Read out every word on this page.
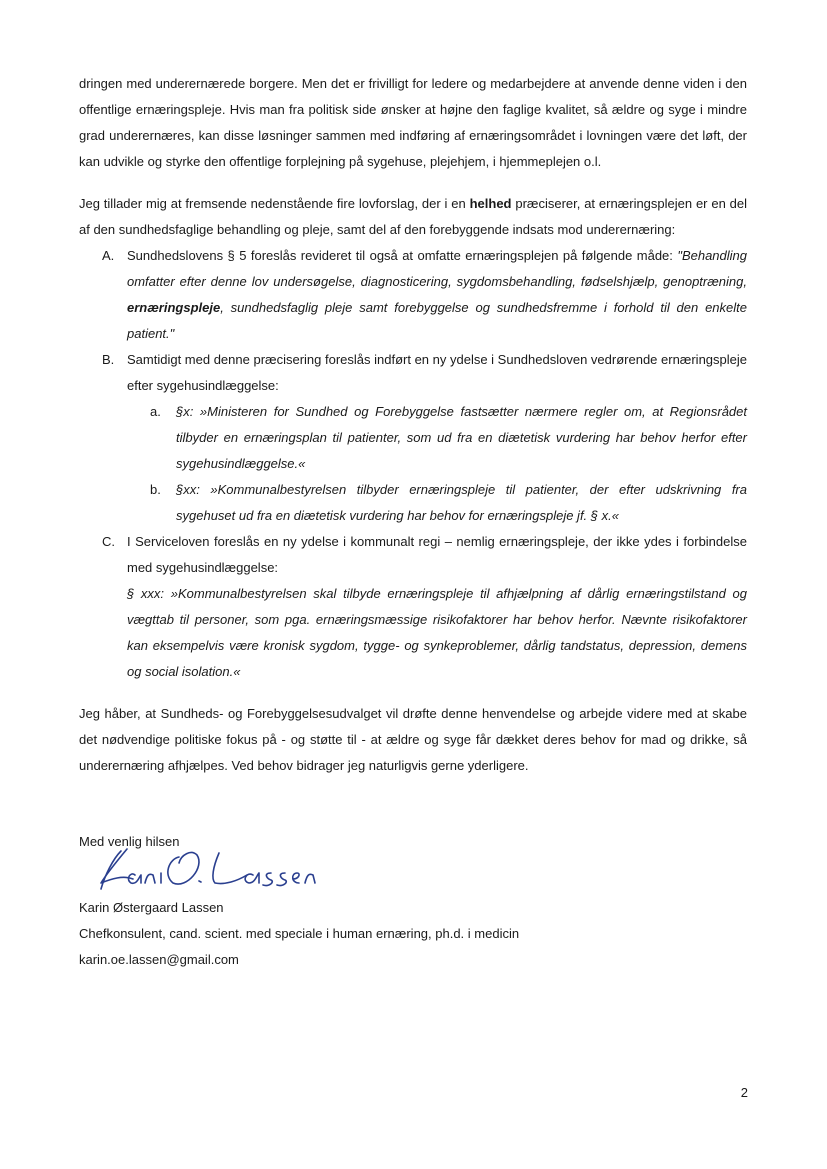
dringen med underernærede borgere. Men det er frivilligt for ledere og medarbejdere at anvende denne viden i den offentlige ernæringspleje. Hvis man fra politisk side ønsker at højne den faglige kvalitet, så ældre og syge i mindre grad underernæres, kan disse løsninger sammen med indføring af ernæringsområdet i lovningen være det løft, der kan udvikle og styrke den offentlige forplejning på sygehuse, plejehjem, i hjemmeplejen o.l.

Jeg tillader mig at fremsende nedenstående fire lovforslag, der i en helhed præciserer, at ernæringsplejen er en del af den sundhedsfaglige behandling og pleje, samt del af den forebyggende indsats mod underernæring:

A. Sundhedslovens § 5 foreslås revideret til også at omfatte ernæringsplejen på følgende måde: "Behandling omfatter efter denne lov undersøgelse, diagnosticering, sygdomsbehandling, fødselshjælp, genoptræning, ernæringspleje, sundhedsfaglig pleje samt forebyggelse og sundhedsfremme i forhold til den enkelte patient."
B. Samtidigt med denne præcisering foreslås indført en ny ydelse i Sundhedsloven vedrørende ernæringspleje efter sygehusindlæggelse:
a. §x: »Ministeren for Sundhed og Forebyggelse fastsætter nærmere regler om, at Regionsrådet tilbyder en ernæringsplan til patienter, som ud fra en diætetisk vurdering har behov herfor efter sygehusindlæggelse.«
b. §xx: »Kommunalbestyrelsen tilbyder ernæringspleje til patienter, der efter udskrivning fra sygehuset ud fra en diætetisk vurdering har behov for ernæringspleje jf. § x.«
C. I Serviceloven foreslås en ny ydelse i kommunalt regi – nemlig ernæringspleje, der ikke ydes i forbindelse med sygehusindlæggelse:
§ xxx: »Kommunalbestyrelsen skal tilbyde ernæringspleje til afhjælpning af dårlig ernæringstilstand og vægttab til personer, som pga. ernæringsmæssige risikofaktorer har behov herfor. Nævnte risikofaktorer kan eksempelvis være kronisk sygdom, tygge- og synkeproblemer, dårlig tandstatus, depression, demens og social isolation.«

Jeg håber, at Sundheds- og Forebyggelsesudvalget vil drøfte denne henvendelse og arbejde videre med at skabe det nødvendige politiske fokus på - og støtte til - at ældre og syge får dækket deres behov for mad og drikke, så underernæring afhjælpes. Ved behov bidrager jeg naturligvis gerne yderligere.

Med venlig hilsen
Karin Østergaard Lassen
Chefkonsulent, cand. scient. med speciale i human ernæring, ph.d. i medicin
karin.oe.lassen@gmail.com
2
